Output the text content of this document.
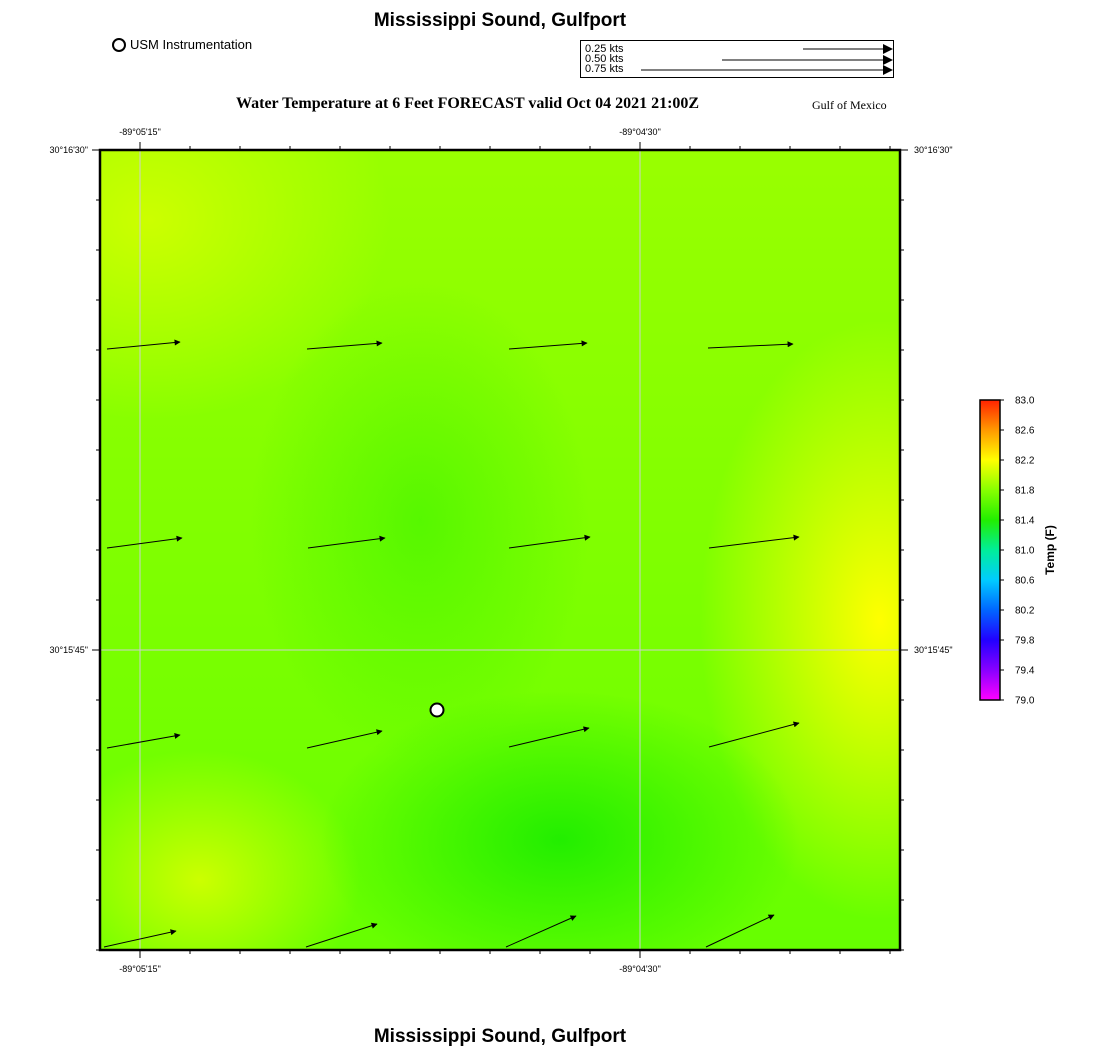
Mississippi Sound, Gulfport
USM Instrumentation	0.25 kts
0.50 kts
0.75 kts
Water Temperature at 6 Feet FORECAST valid Oct 04 2021 21:00Z	Gulf of Mexico
-89°05'15"	-89°04'30"
-89°05'15"	-89°04'30"
30°16'30"
30°15'45"
30°16'30"
30°15'45"
83.0
82.6
82.2
81.8
81.4
81.0
80.6
80.2
79.8
79.4
79.0
Temp (F)
Mississippi Sound, Gulfport
